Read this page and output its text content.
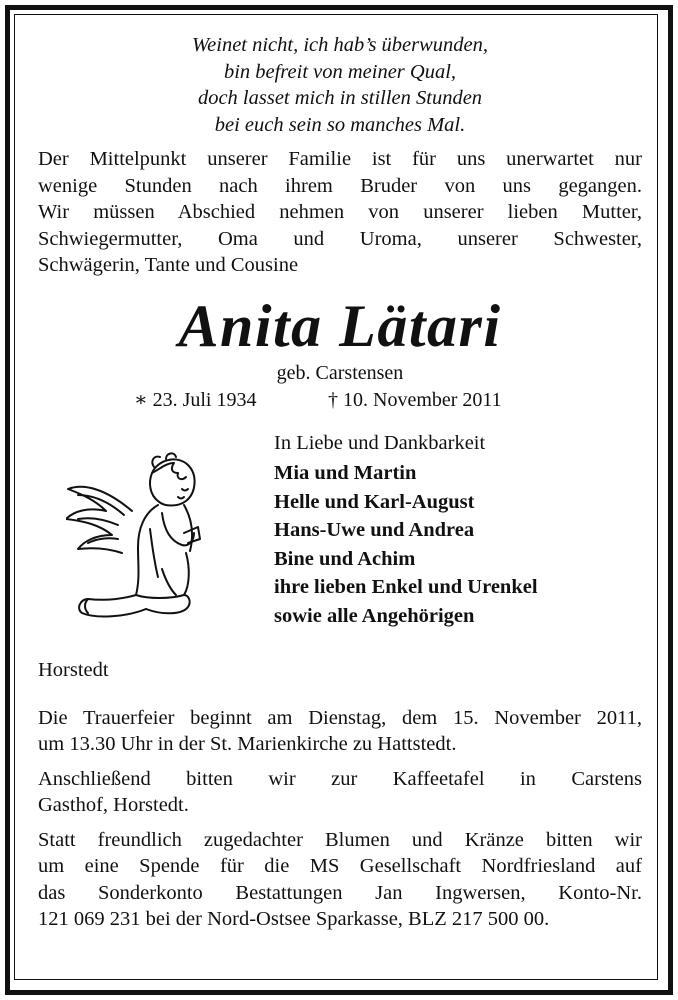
Weinet nicht, ich hab’s überwunden,
bin befreit von meiner Qual,
doch lasset mich in stillen Stunden
bei euch sein so manches Mal.
Der Mittelpunkt unserer Familie ist für uns unerwartet nur
wenige Stunden nach ihrem Bruder von uns gegangen.
Wir müssen Abschied nehmen von unserer lieben Mutter,
Schwiegermutter, Oma und Uroma, unserer Schwester,
Schwägerin, Tante und Cousine
Anita Lätari
geb. Carstensen
∗ 23. Juli 1934	† 10. November 2011
In Liebe und Dankbarkeit
Mia und Martin
Helle und Karl-August
Hans-Uwe und Andrea
Bine und Achim
ihre lieben Enkel und Urenkel
sowie alle Angehörigen
Horstedt
Die Trauerfeier beginnt am Dienstag, dem 15. November 2011,
um 13.30 Uhr in der St. Marienkirche zu Hattstedt.
Anschließend bitten wir zur Kaffeetafel in Carstens
Gasthof, Horstedt.
Statt freundlich zugedachter Blumen und Kränze bitten wir
um eine Spende für die MS Gesellschaft Nordfriesland auf
das Sonderkonto Bestattungen Jan Ingwersen, Konto-Nr.
121 069 231 bei der Nord-Ostsee Sparkasse, BLZ 217 500 00.
